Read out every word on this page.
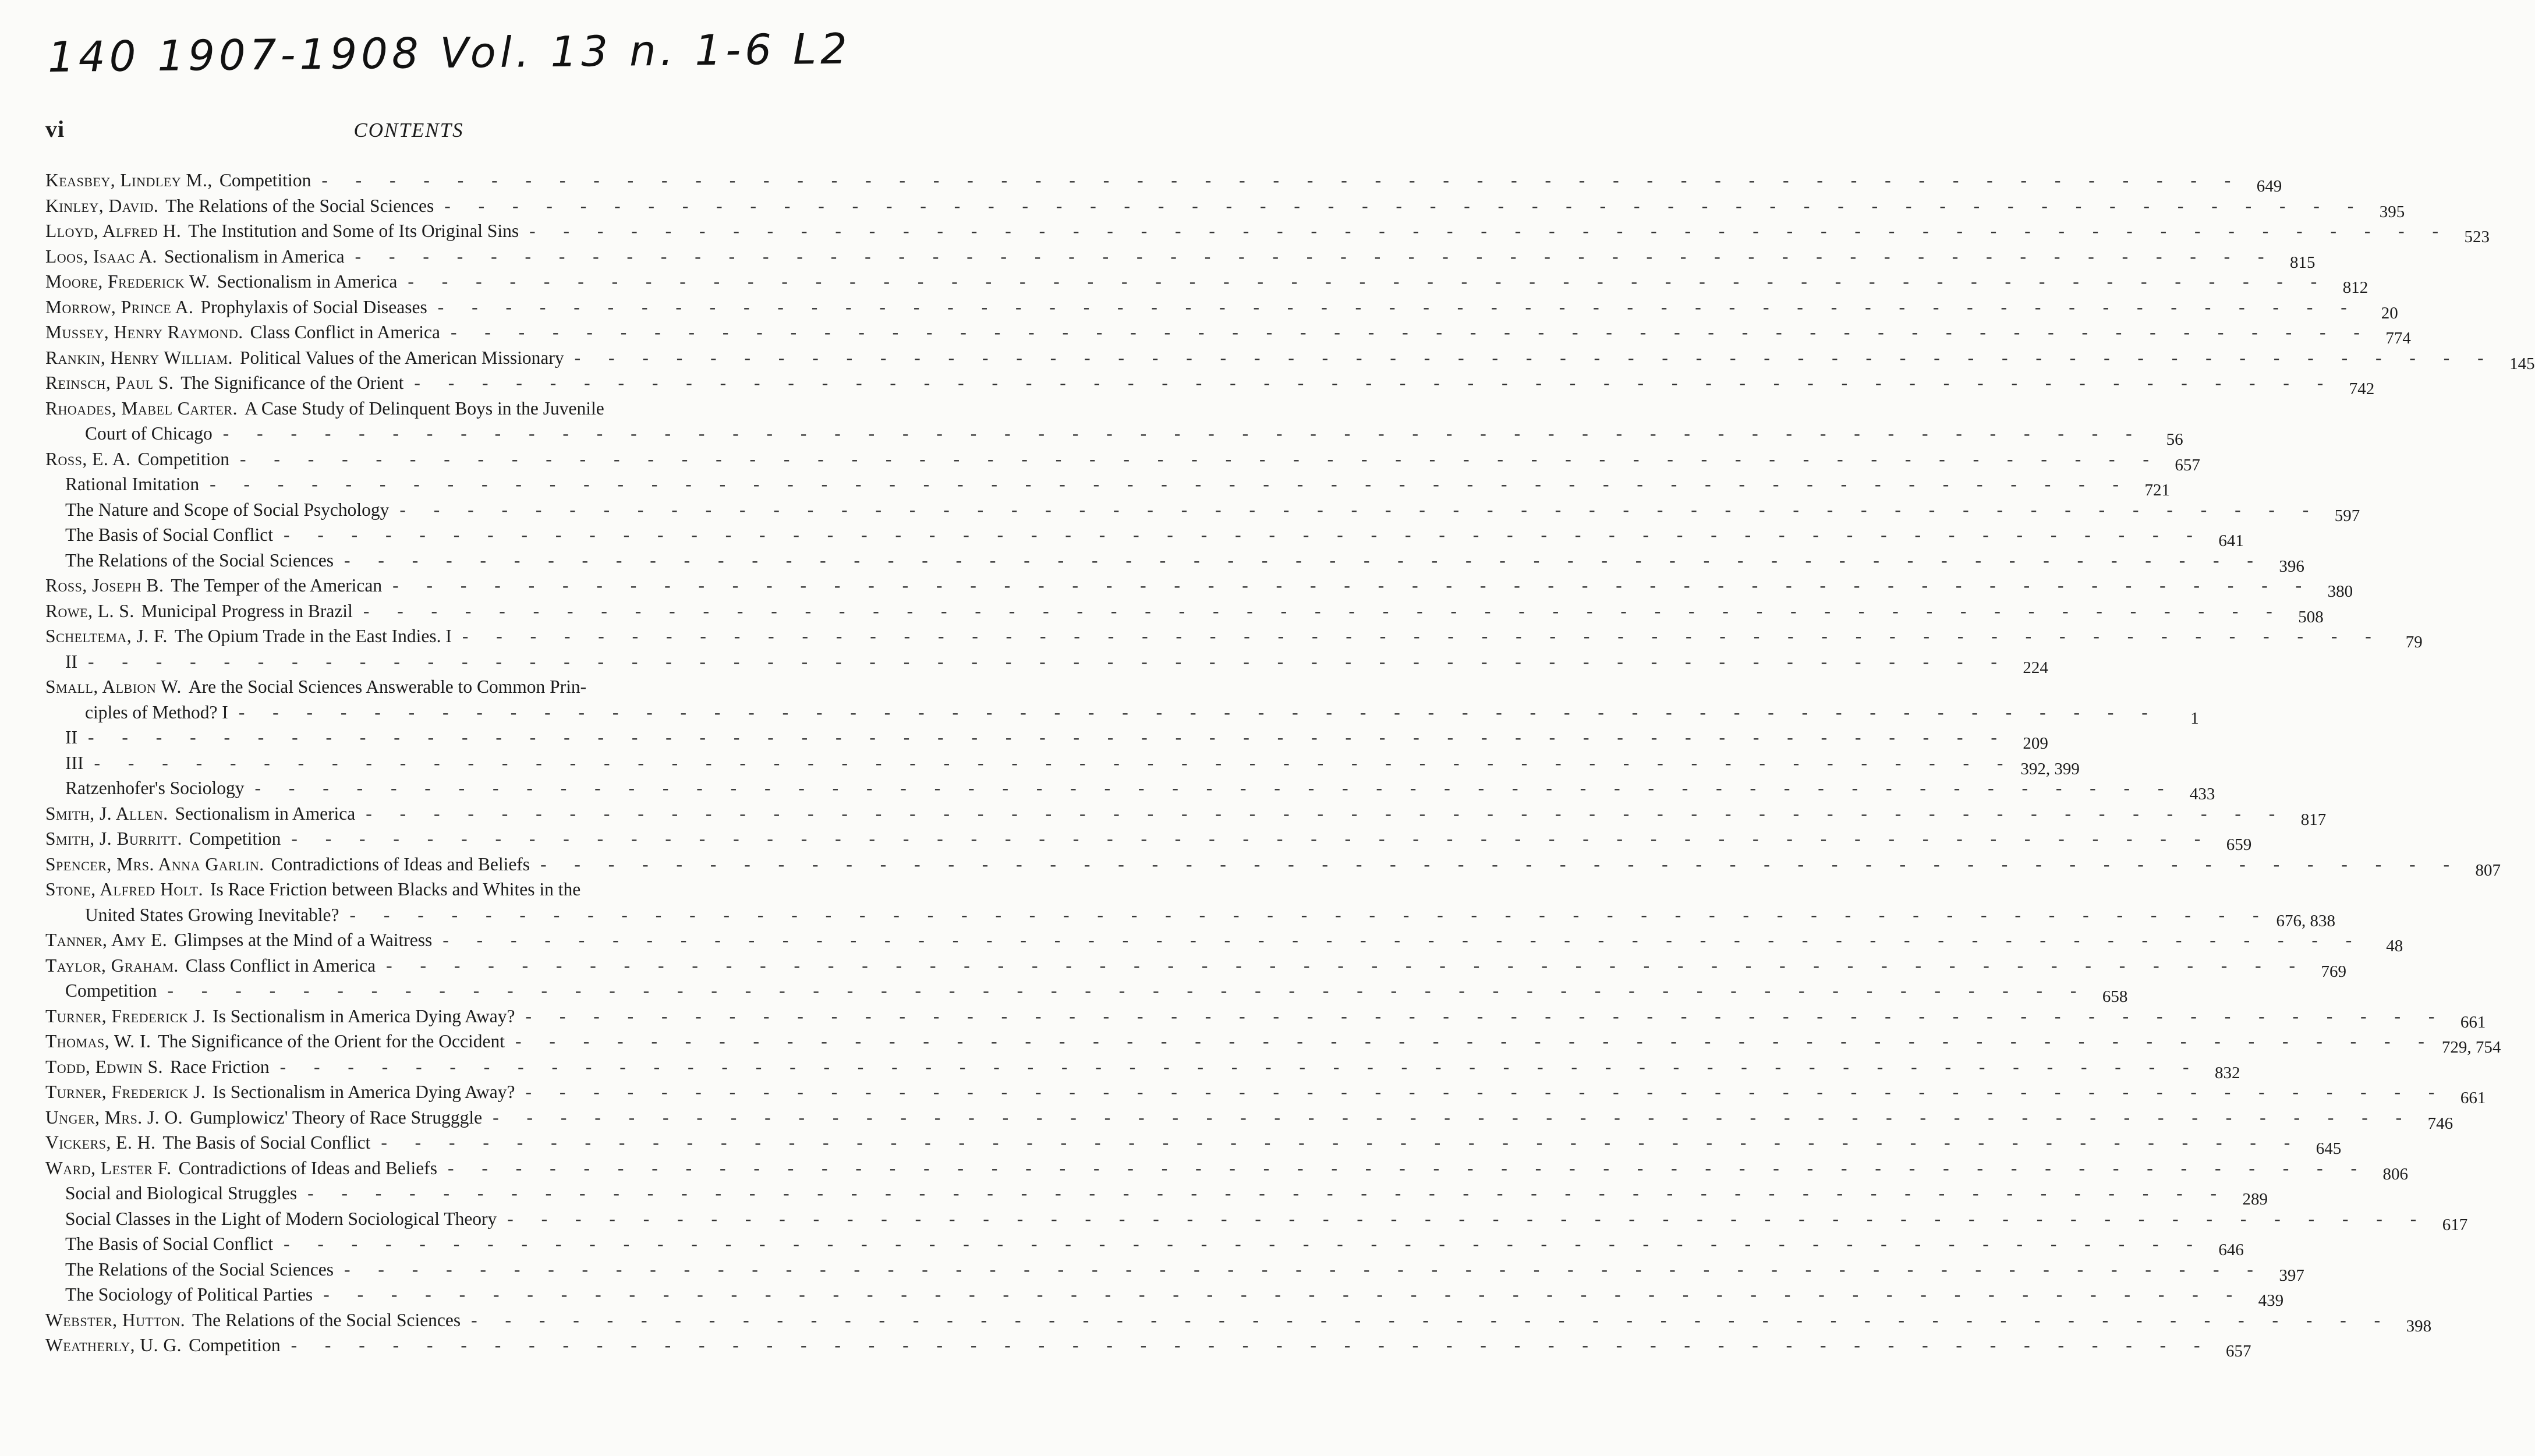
140 1907-1908 Vol. 13 n. 1-6 L2
vi	CONTENTS
Keasbey, Lindley M., Competition - - - - - - - - - - - - - - - - - - - - - - - - - - - - - - - - - - - - - - - - - - - - - - - - - - - - - - - - - 649
Kinley, David. The Relations of the Social Sciences - - - - - - - - - - - - - - - - - - - - - - - - - - - - - - - - - - - - - - - - - - - - - - - - - - - - - - - - - 395
Lloyd, Alfred H. The Institution and Some of Its Original Sins - - - - - - - - - - - - - - - - - - - - - - - - - - - - - - - - - - - - - - - - - - - - - - - - - - - - - - - - - 523
Loos, Isaac A. Sectionalism in America - - - - - - - - - - - - - - - - - - - - - - - - - - - - - - - - - - - - - - - - - - - - - - - - - - - - - - - - - 815
Moore, Frederick W. Sectionalism in America - - - - - - - - - - - - - - - - - - - - - - - - - - - - - - - - - - - - - - - - - - - - - - - - - - - - - - - - - 812
Morrow, Prince A. Prophylaxis of Social Diseases - - - - - - - - - - - - - - - - - - - - - - - - - - - - - - - - - - - - - - - - - - - - - - - - - - - - - - - - -	20
Mussey, Henry Raymond. Class Conflict in America - - - - - - - - - - - - - - - - - - - - - - - - - - - - - - - - - - - - - - - - - - - - - - - - - - - - - - - - - 774
Rankin, Henry William. Political Values of the American Missionary - - - - - - - - - - - - - - - - - - - - - - - - - - - - - - - - - - - - - - - - - - - - - - - - - - - - - - - - - 145
Reinsch, Paul S. The Significance of the Orient - - - - - - - - - - - - - - - - - - - - - - - - - - - - - - - - - - - - - - - - - - - - - - - - - - - - - - - - - 742
Rhoades, Mabel Carter. A Case Study of Delinquent Boys in the Juvenile
Court of Chicago - - - - - - - - - - - - - - - - - - - - - - - - - - - - - - - - - - - - - - - - - - - - - - - - - - - - - - - - -	56
Ross, E. A. Competition - - - - - - - - - - - - - - - - - - - - - - - - - - - - - - - - - - - - - - - - - - - - - - - - - - - - - - - - - 657
Rational Imitation - - - - - - - - - - - - - - - - - - - - - - - - - - - - - - - - - - - - - - - - - - - - - - - - - - - - - - - - - 721
The Nature and Scope of Social Psychology - - - - - - - - - - - - - - - - - - - - - - - - - - - - - - - - - - - - - - - - - - - - - - - - - - - - - - - - - 597
The Basis of Social Conflict - - - - - - - - - - - - - - - - - - - - - - - - - - - - - - - - - - - - - - - - - - - - - - - - - - - - - - - - - 641
The Relations of the Social Sciences - - - - - - - - - - - - - - - - - - - - - - - - - - - - - - - - - - - - - - - - - - - - - - - - - - - - - - - - - 396
Ross, Joseph B. The Temper of the American - - - - - - - - - - - - - - - - - - - - - - - - - - - - - - - - - - - - - - - - - - - - - - - - - - - - - - - - - 380
Rowe, L. S. Municipal Progress in Brazil - - - - - - - - - - - - - - - - - - - - - - - - - - - - - - - - - - - - - - - - - - - - - - - - - - - - - - - - - 508
Scheltema, J. F. The Opium Trade in the East Indies. I - - - - - - - - - - - - - - - - - - - - - - - - - - - - - - - - - - - - - - - - - - - - - - - - - - - - - - - - -	79
II - - - - - - - - - - - - - - - - - - - - - - - - - - - - - - - - - - - - - - - - - - - - - - - - - - - - - - - - - 224
Small, Albion W. Are the Social Sciences Answerable to Common Prin-
ciples of Method? I - - - - - - - - - - - - - - - - - - - - - - - - - - - - - - - - - - - - - - - - - - - - - - - - - - - - - - - - -	1
II - - - - - - - - - - - - - - - - - - - - - - - - - - - - - - - - - - - - - - - - - - - - - - - - - - - - - - - - - 209
III - - - - - - - - - - - - - - - - - - - - - - - - - - - - - - - - - - - - - - - - - - - - - - - - - - - - - - - - - 392, 399
Ratzenhofer's Sociology - - - - - - - - - - - - - - - - - - - - - - - - - - - - - - - - - - - - - - - - - - - - - - - - - - - - - - - - - 433
Smith, J. Allen. Sectionalism in America - - - - - - - - - - - - - - - - - - - - - - - - - - - - - - - - - - - - - - - - - - - - - - - - - - - - - - - - - 817
Smith, J. Burritt. Competition - - - - - - - - - - - - - - - - - - - - - - - - - - - - - - - - - - - - - - - - - - - - - - - - - - - - - - - - - 659
Spencer, Mrs. Anna Garlin. Contradictions of Ideas and Beliefs - - - - - - - - - - - - - - - - - - - - - - - - - - - - - - - - - - - - - - - - - - - - - - - - - - - - - - - - - 807
Stone, Alfred Holt. Is Race Friction between Blacks and Whites in the
United States Growing Inevitable? - - - - - - - - - - - - - - - - - - - - - - - - - - - - - - - - - - - - - - - - - - - - - - - - - - - - - - - - - 676, 838
Tanner, Amy E. Glimpses at the Mind of a Waitress - - - - - - - - - - - - - - - - - - - - - - - - - - - - - - - - - - - - - - - - - - - - - - - - - - - - - - - - -	48
Taylor, Graham. Class Conflict in America - - - - - - - - - - - - - - - - - - - - - - - - - - - - - - - - - - - - - - - - - - - - - - - - - - - - - - - - - 769
Competition - - - - - - - - - - - - - - - - - - - - - - - - - - - - - - - - - - - - - - - - - - - - - - - - - - - - - - - - - 658
Turner, Frederick J. Is Sectionalism in America Dying Away? - - - - - - - - - - - - - - - - - - - - - - - - - - - - - - - - - - - - - - - - - - - - - - - - - - - - - - - - - 661
Thomas, W. I. The Significance of the Orient for the Occident - - - - - - - - - - - - - - - - - - - - - - - - - - - - - - - - - - - - - - - - - - - - - - - - - - - - - - - - - 729, 754
Todd, Edwin S. Race Friction - - - - - - - - - - - - - - - - - - - - - - - - - - - - - - - - - - - - - - - - - - - - - - - - - - - - - - - - - 832
Turner, Frederick J. Is Sectionalism in America Dying Away? - - - - - - - - - - - - - - - - - - - - - - - - - - - - - - - - - - - - - - - - - - - - - - - - - - - - - - - - - 661
Unger, Mrs. J. O. Gumplowicz' Theory of Race Strugggle - - - - - - - - - - - - - - - - - - - - - - - - - - - - - - - - - - - - - - - - - - - - - - - - - - - - - - - - - 746
Vickers, E. H. The Basis of Social Conflict - - - - - - - - - - - - - - - - - - - - - - - - - - - - - - - - - - - - - - - - - - - - - - - - - - - - - - - - - 645
Ward, Lester F. Contradictions of Ideas and Beliefs - - - - - - - - - - - - - - - - - - - - - - - - - - - - - - - - - - - - - - - - - - - - - - - - - - - - - - - - - 806
Social and Biological Struggles - - - - - - - - - - - - - - - - - - - - - - - - - - - - - - - - - - - - - - - - - - - - - - - - - - - - - - - - - 289
Social Classes in the Light of Modern Sociological Theory - - - - - - - - - - - - - - - - - - - - - - - - - - - - - - - - - - - - - - - - - - - - - - - - - - - - - - - - - 617
The Basis of Social Conflict - - - - - - - - - - - - - - - - - - - - - - - - - - - - - - - - - - - - - - - - - - - - - - - - - - - - - - - - - 646
The Relations of the Social Sciences - - - - - - - - - - - - - - - - - - - - - - - - - - - - - - - - - - - - - - - - - - - - - - - - - - - - - - - - - 397
The Sociology of Political Parties - - - - - - - - - - - - - - - - - - - - - - - - - - - - - - - - - - - - - - - - - - - - - - - - - - - - - - - - - 439
Webster, Hutton. The Relations of the Social Sciences - - - - - - - - - - - - - - - - - - - - - - - - - - - - - - - - - - - - - - - - - - - - - - - - - - - - - - - - - 398
Weatherly, U. G. Competition - - - - - - - - - - - - - - - - - - - - - - - - - - - - - - - - - - - - - - - - - - - - - - - - - - - - - - - - - 657
